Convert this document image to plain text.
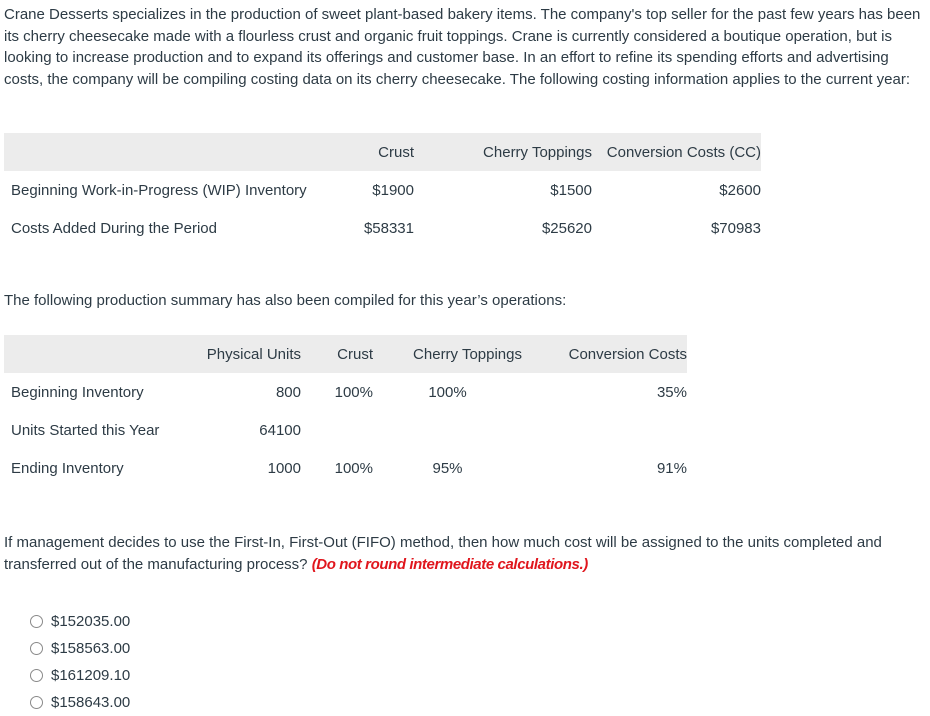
Crane Desserts specializes in the production of sweet plant-based bakery items. The company's top seller for the past few years has been its cherry cheesecake made with a flourless crust and organic fruit toppings. Crane is currently considered a boutique operation, but is looking to increase production and to expand its offerings and customer base. In an effort to refine its spending efforts and advertising costs, the company will be compiling costing data on its cherry cheesecake. The following costing information applies to the current year:

	Crust	Cherry Toppings	Conversion Costs (CC)
Beginning Work-in-Progress (WIP) Inventory	$1900	$1500	$2600
Costs Added During the Period	$58331	$25620	$70983

The following production summary has also been compiled for this year’s operations:

	Physical Units	Crust	Cherry Toppings	Conversion Costs
Beginning Inventory	800	100%	100%	35%
Units Started this Year	64100			
Ending Inventory	1000	100%	95%	91%

If management decides to use the First-In, First-Out (FIFO) method, then how much cost will be assigned to the units completed and transferred out of the manufacturing process? (Do not round intermediate calculations.)

$152035.00
$158563.00
$161209.10
$158643.00
